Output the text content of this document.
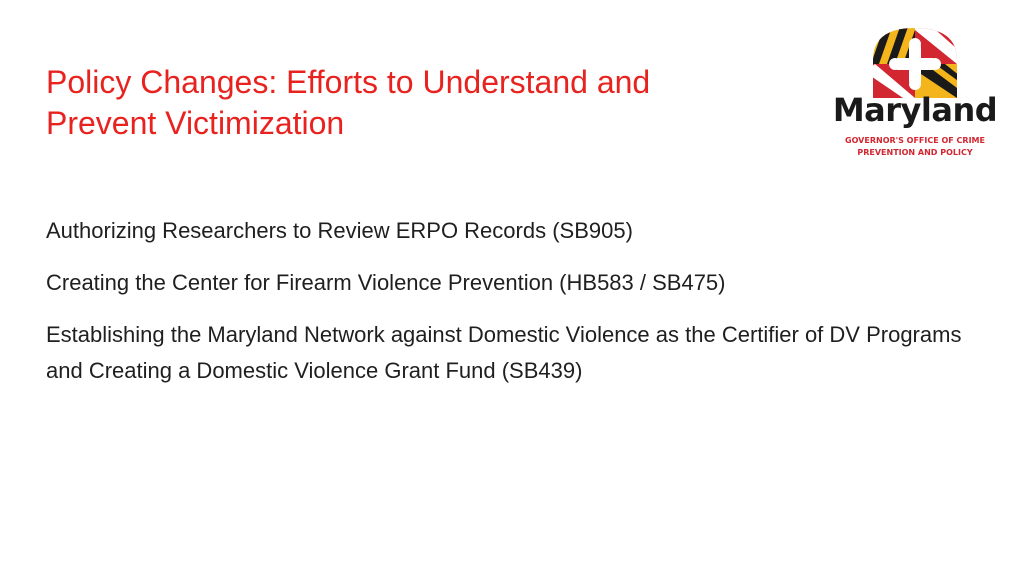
Policy Changes: Efforts to Understand and
Prevent Victimization
Authorizing Researchers to Review ERPO Records (SB905)
Creating the Center for Firearm Violence Prevention (HB583 / SB475)
Establishing the Maryland Network against Domestic Violence as the Certifier of DV Programs and Creating a Domestic Violence Grant Fund (SB439)
Maryland
GOVERNOR'S OFFICE OF CRIME
PREVENTION AND POLICY
